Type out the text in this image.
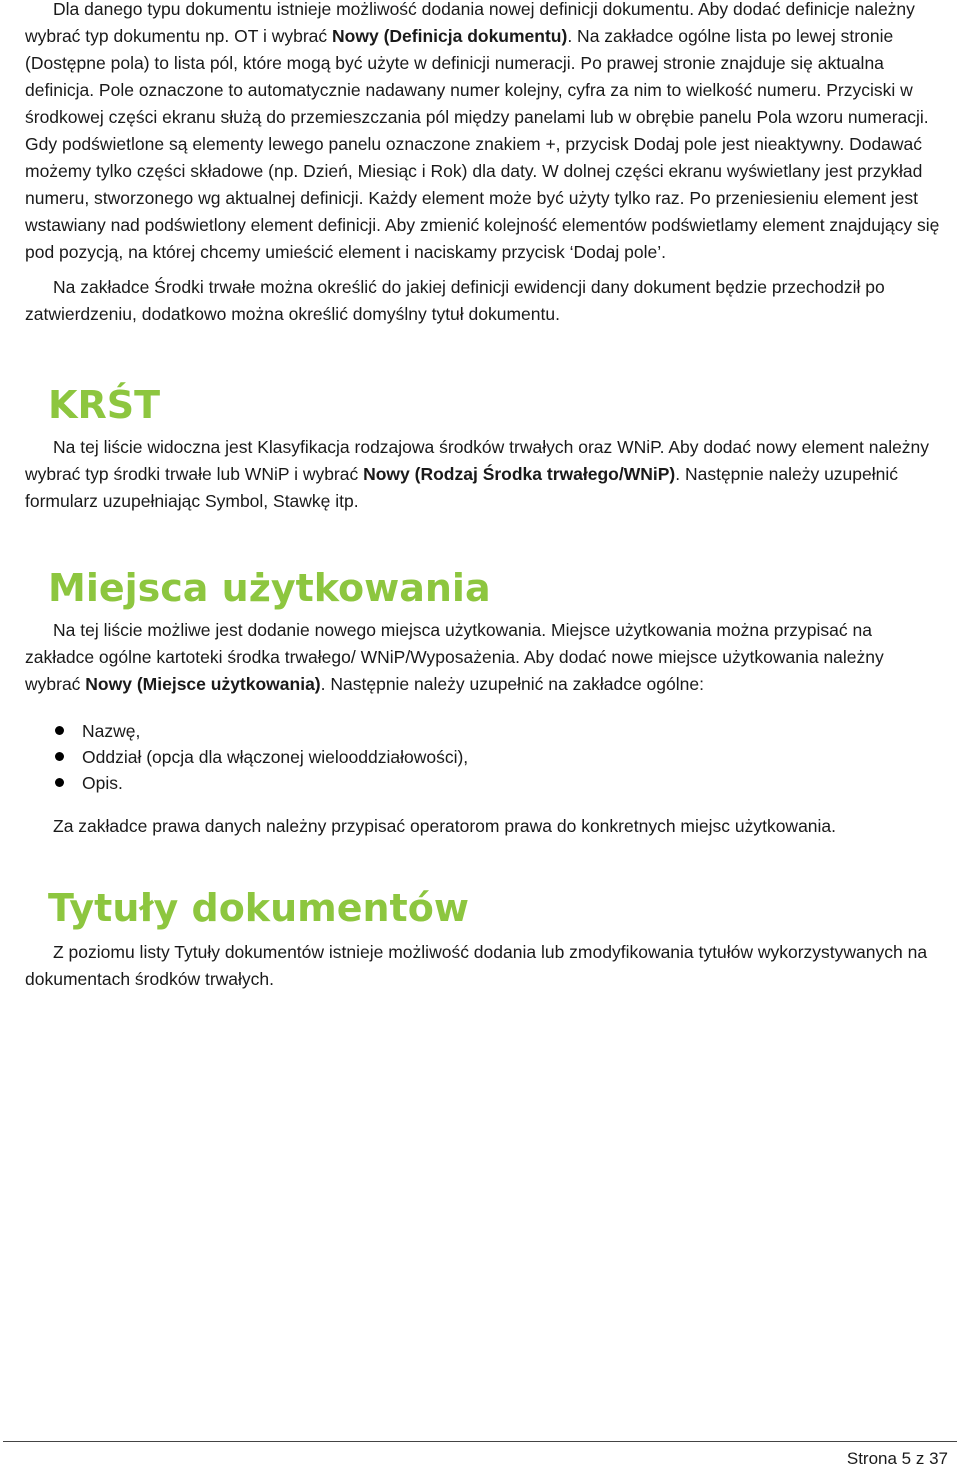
Dla danego typu dokumentu istnieje możliwość dodania nowej definicji dokumentu. Aby dodać definicje należny wybrać typ dokumentu np. OT i wybrać Nowy (Definicja dokumentu). Na zakładce ogólne lista po lewej stronie (Dostępne pola) to lista pól, które mogą być użyte w definicji numeracji. Po prawej stronie znajduje się aktualna definicja. Pole oznaczone to automatycznie nadawany numer kolejny, cyfra za nim to wielkość numeru. Przyciski w środkowej części ekranu służą do przemieszczania pól między panelami lub w obrębie panelu Pola wzoru numeracji. Gdy podświetlone są elementy lewego panelu oznaczone znakiem +, przycisk Dodaj pole jest nieaktywny. Dodawać możemy tylko części składowe (np. Dzień, Miesiąc i Rok) dla daty. W dolnej części ekranu wyświetlany jest przykład numeru, stworzonego wg aktualnej definicji. Każdy element może być użyty tylko raz. Po przeniesieniu element jest wstawiany nad podświetlony element definicji. Aby zmienić kolejność elementów podświetlamy element znajdujący się pod pozycją, na której chcemy umieścić element i naciskamy przycisk ‘Dodaj pole’.

Na zakładce Środki trwałe można określić do jakiej definicji ewidencji dany dokument będzie przechodził po zatwierdzeniu, dodatkowo można określić domyślny tytuł dokumentu.

KRŚT

Na tej liście widoczna jest Klasyfikacja rodzajowa środków trwałych oraz WNiP. Aby dodać nowy element należny wybrać typ środki trwałe lub WNiP i wybrać Nowy (Rodzaj Środka trwałego/WNiP). Następnie należy uzupełnić formularz uzupełniając Symbol, Stawkę itp.

Miejsca użytkowania

Na tej liście możliwe jest dodanie nowego miejsca użytkowania. Miejsce użytkowania można przypisać na zakładce ogólne kartoteki środka trwałego/ WNiP/Wyposażenia. Aby dodać nowe miejsce użytkowania należny wybrać Nowy (Miejsce użytkowania). Następnie należy uzupełnić na zakładce ogólne:

Nazwę,
Oddział (opcja dla włączonej wielooddziałowości),
Opis.

Za zakładce prawa danych należny przypisać operatorom prawa do konkretnych miejsc użytkowania.

Tytuły dokumentów

Z poziomu listy Tytuły dokumentów istnieje możliwość dodania lub zmodyfikowania tytułów wykorzystywanych na dokumentach środków trwałych.

Strona 5 z 37
